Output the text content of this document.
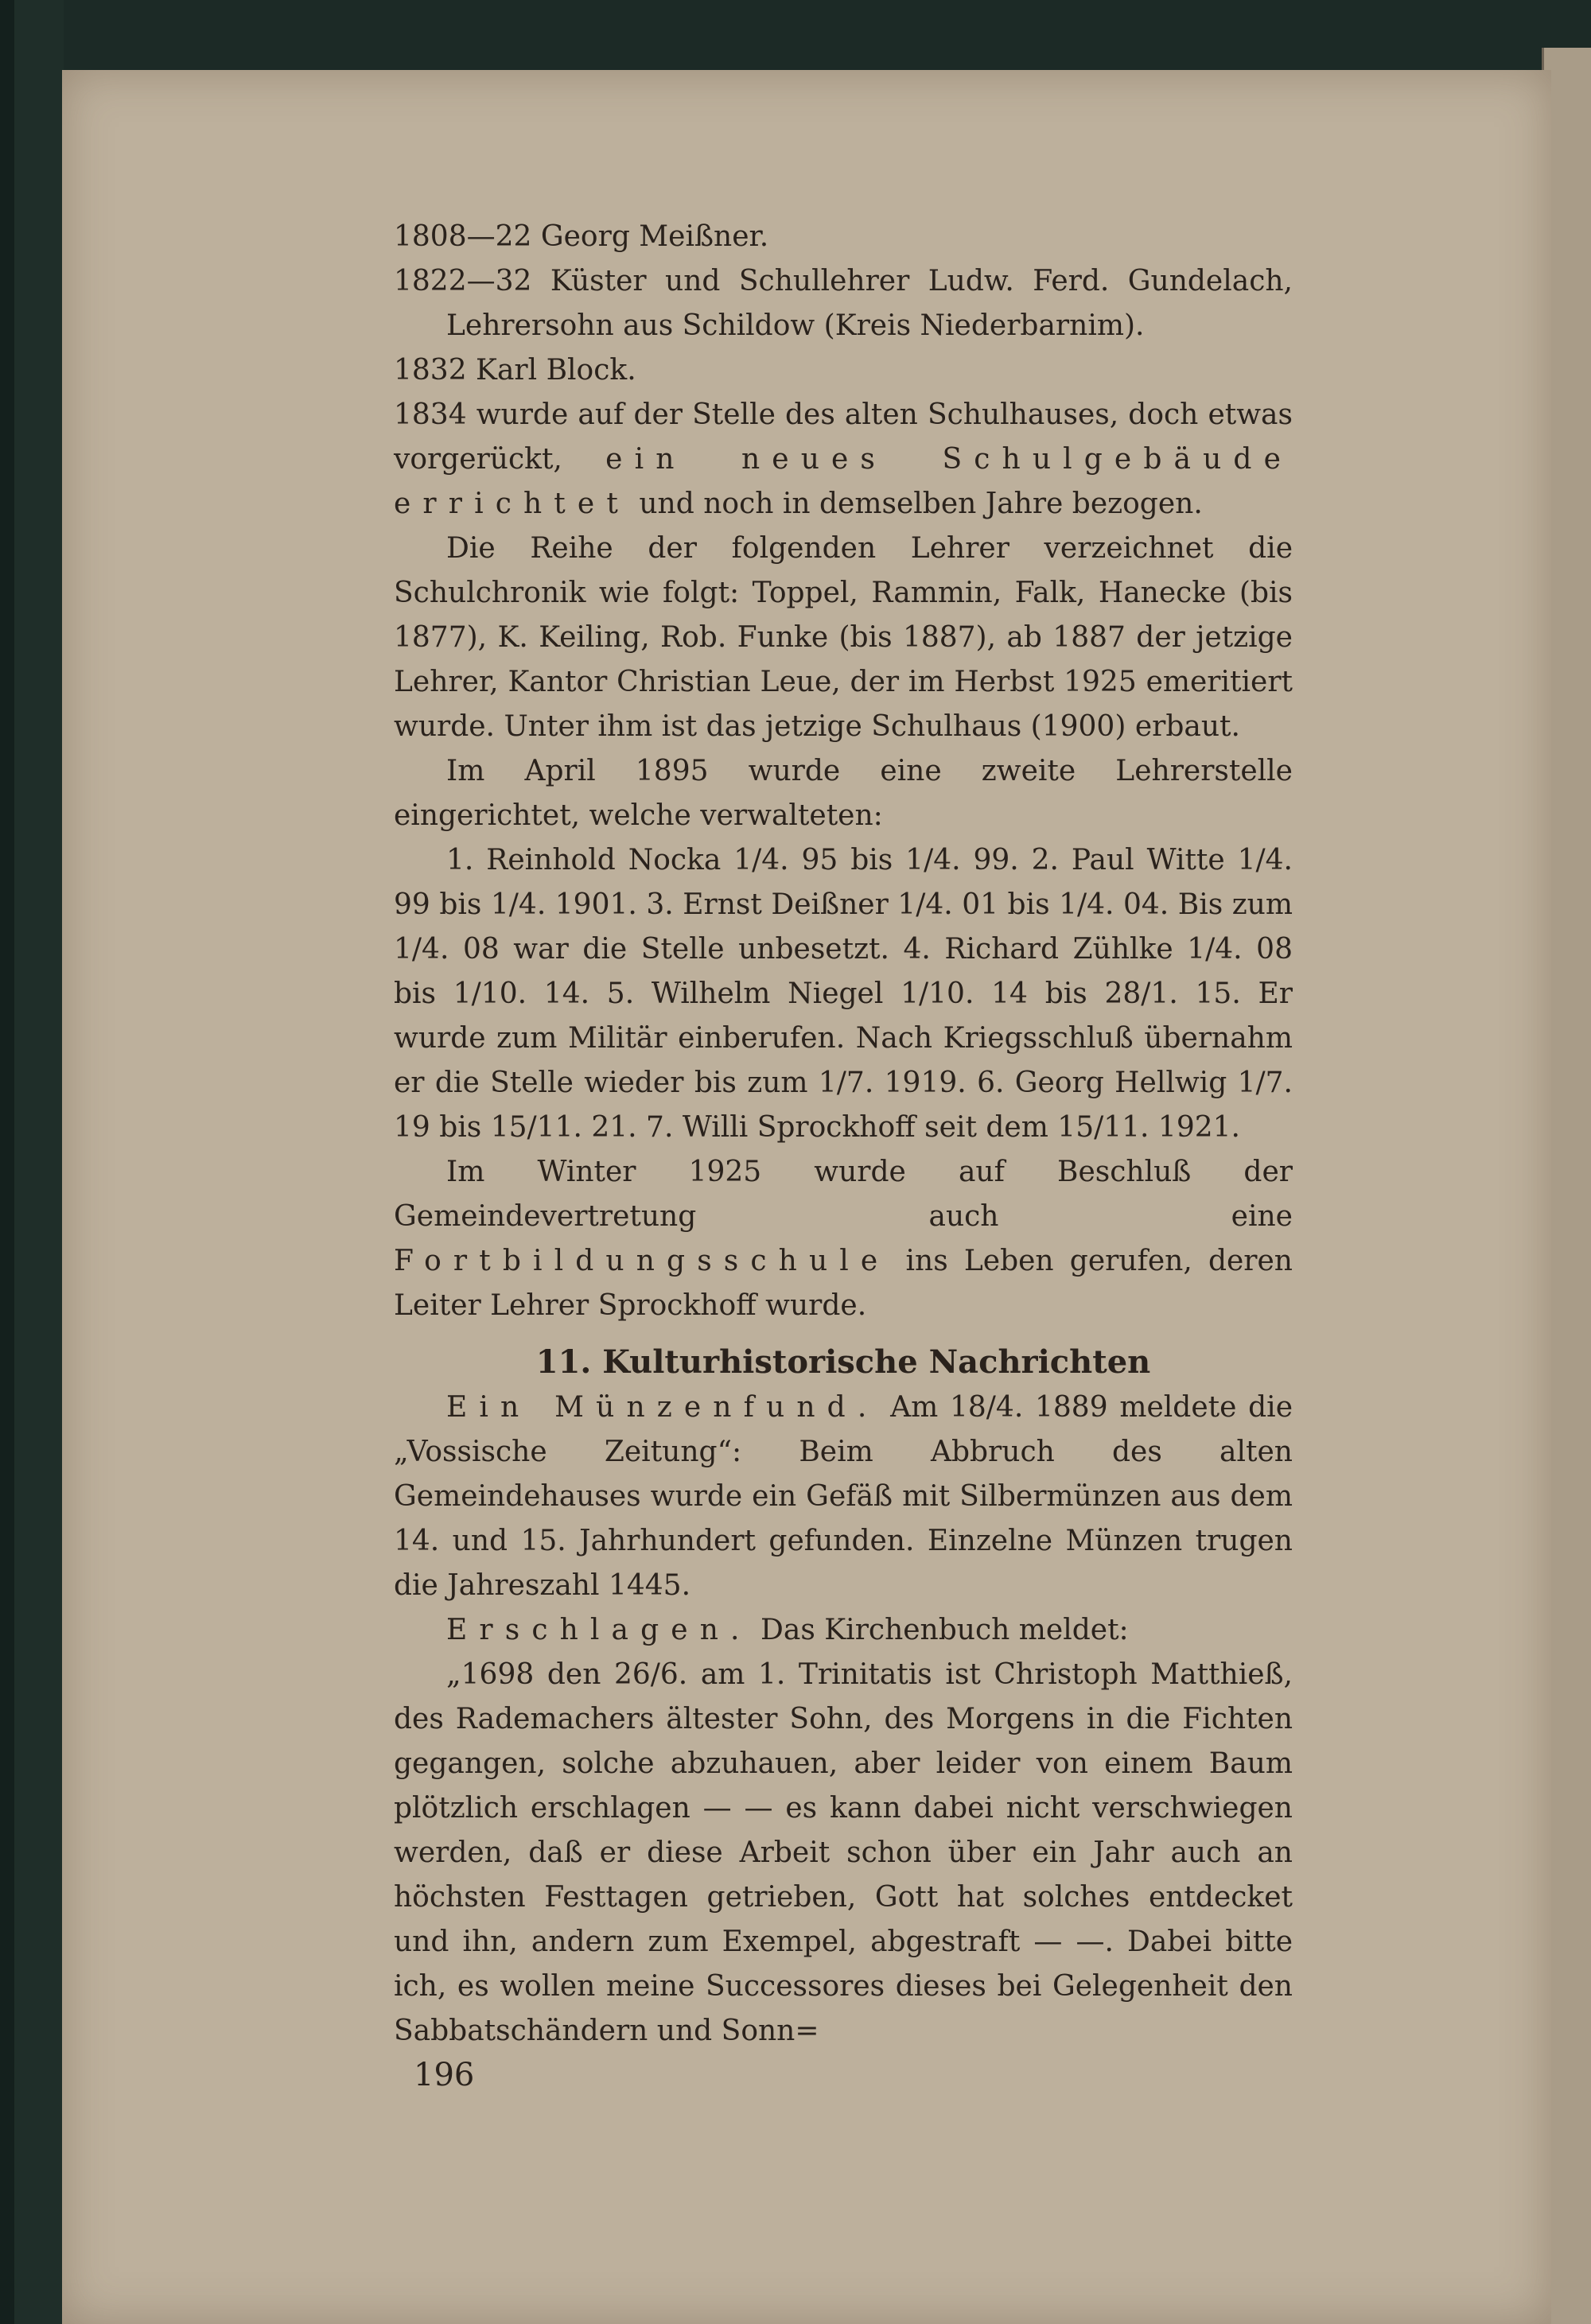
1808—22 Georg Meißner.

1822—32 Küster und Schullehrer Ludw. Ferd. Gundelach, Lehrersohn aus Schildow (Kreis Niederbarnim).

1832 Karl Block.

1834 wurde auf der Stelle des alten Schulhauses, doch etwas vorgerückt, ein neues Schulgebäude errichtet und noch in demselben Jahre bezogen.

Die Reihe der folgenden Lehrer verzeichnet die Schulchronik wie folgt: Toppel, Rammin, Falk, Hanecke (bis 1877), K. Keiling, Rob. Funke (bis 1887), ab 1887 der jetzige Lehrer, Kantor Christian Leue, der im Herbst 1925 emeritiert wurde. Unter ihm ist das jetzige Schulhaus (1900) erbaut.

Im April 1895 wurde eine zweite Lehrerstelle eingerichtet, welche verwalteten:

1. Reinhold Nocka 1/4. 95 bis 1/4. 99. 2. Paul Witte 1/4. 99 bis 1/4. 1901. 3. Ernst Deißner 1/4. 01 bis 1/4. 04. Bis zum 1/4. 08 war die Stelle unbesetzt. 4. Richard Zühlke 1/4. 08 bis 1/10. 14. 5. Wilhelm Niegel 1/10. 14 bis 28/1. 15. Er wurde zum Militär einberufen. Nach Kriegsschluß übernahm er die Stelle wieder bis zum 1/7. 1919. 6. Georg Hellwig 1/7. 19 bis 15/11. 21. 7. Willi Sprockhoff seit dem 15/11. 1921.

Im Winter 1925 wurde auf Beschluß der Gemeindevertretung auch eine Fortbildungsschule ins Leben gerufen, deren Leiter Lehrer Sprockhoff wurde.

11. Kulturhistorische Nachrichten

Ein Münzenfund. Am 18/4. 1889 meldete die „Vossische Zeitung“: Beim Abbruch des alten Gemeindehauses wurde ein Gefäß mit Silbermünzen aus dem 14. und 15. Jahrhundert gefunden. Einzelne Münzen trugen die Jahreszahl 1445.

Erschlagen. Das Kirchenbuch meldet:

„1698 den 26/6. am 1. Trinitatis ist Christoph Matthieß, des Rademachers ältester Sohn, des Morgens in die Fichten gegangen, solche abzuhauen, aber leider von einem Baum plötzlich erschlagen — — es kann dabei nicht verschwiegen werden, daß er diese Arbeit schon über ein Jahr auch an höchsten Festtagen getrieben, Gott hat solches entdecket und ihn, andern zum Exempel, abgestraft — —. Dabei bitte ich, es wollen meine Successores dieses bei Gelegenheit den Sabbatschändern und Sonn=

196
